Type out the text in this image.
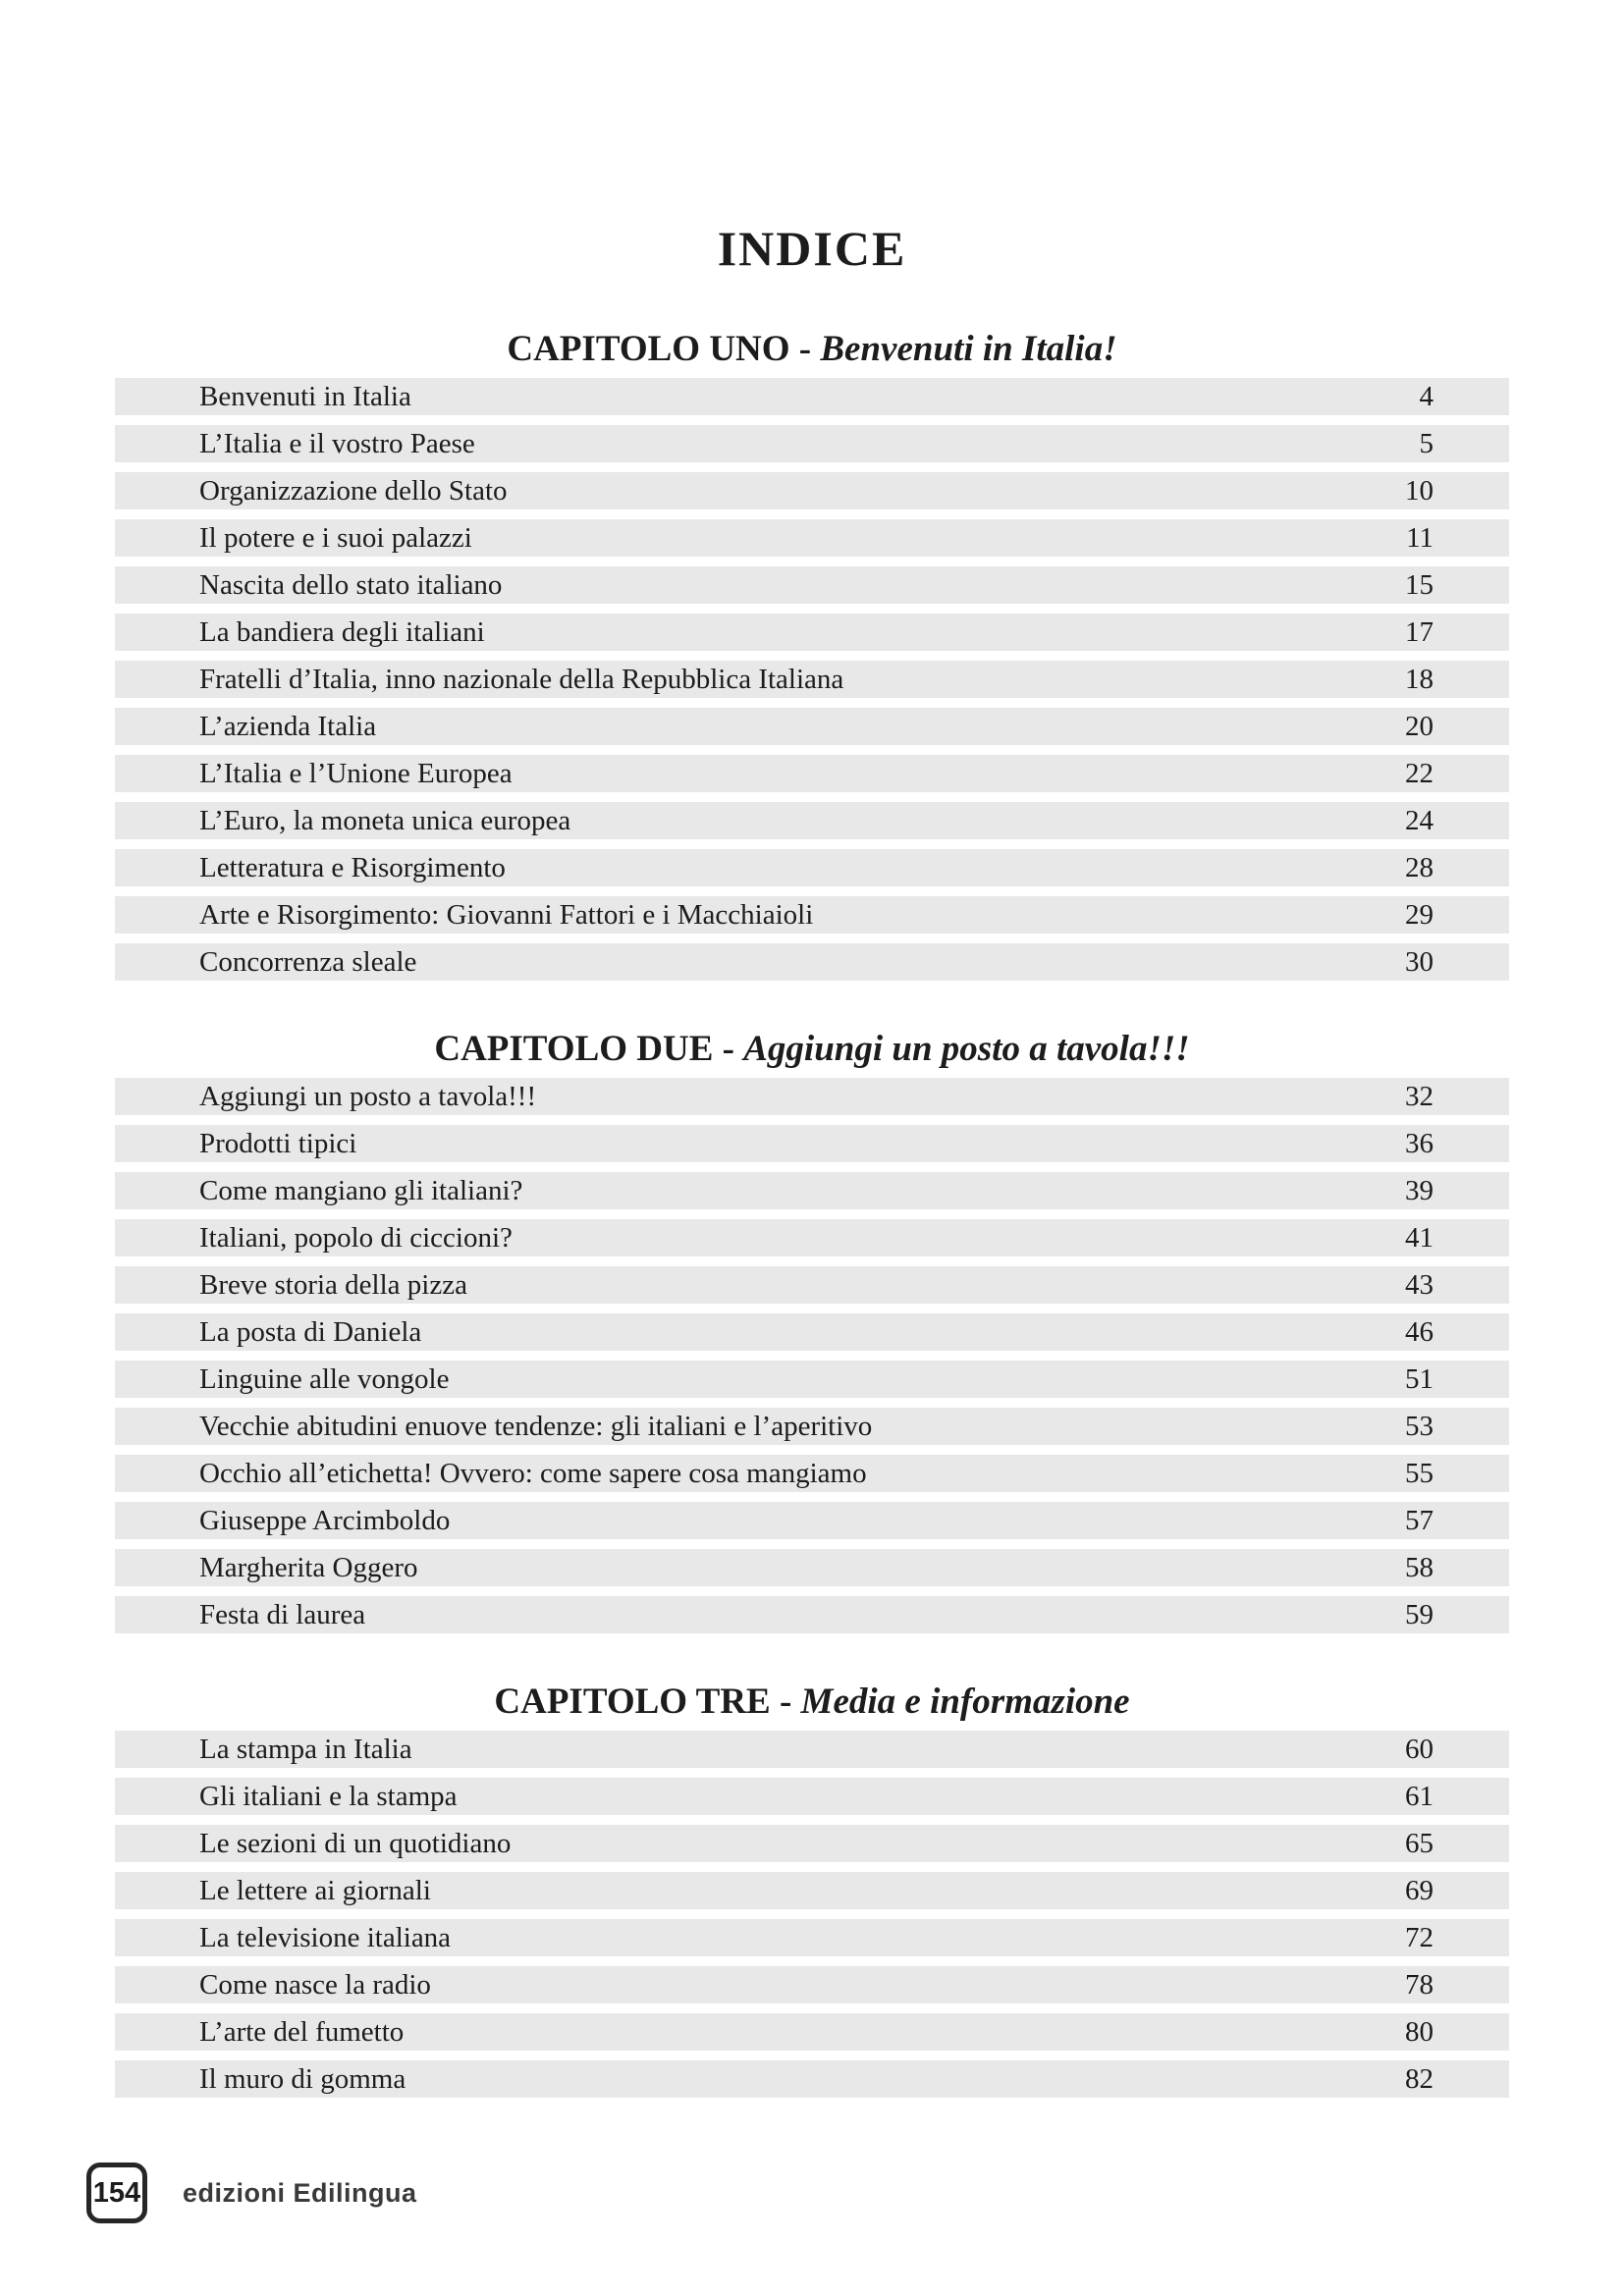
INDICE
CAPITOLO UNO - Benvenuti in Italia!
Benvenuti in Italia	4
L’Italia e il vostro Paese	5
Organizzazione dello Stato	10
Il potere e i suoi palazzi	11
Nascita dello stato italiano	15
La bandiera degli italiani	17
Fratelli d’Italia, inno nazionale della Repubblica Italiana	18
L’azienda Italia	20
L’Italia e l’Unione Europea	22
L’Euro, la moneta unica europea	24
Letteratura e Risorgimento	28
Arte e Risorgimento: Giovanni Fattori e i Macchiaioli	29
Concorrenza sleale	30
CAPITOLO DUE - Aggiungi un posto a tavola!!!
Aggiungi un posto a tavola!!!	32
Prodotti tipici	36
Come mangiano gli italiani?	39
Italiani, popolo di ciccioni?	41
Breve storia della pizza	43
La posta di Daniela	46
Linguine alle vongole	51
Vecchie abitudini enuove tendenze: gli italiani e l’aperitivo	53
Occhio all’etichetta! Ovvero: come sapere cosa mangiamo	55
Giuseppe Arcimboldo	57
Margherita Oggero	58
Festa di laurea	59
CAPITOLO TRE - Media e informazione
La stampa in Italia	60
Gli italiani e la stampa	61
Le sezioni di un quotidiano	65
Le lettere ai giornali	69
La televisione italiana	72
Come nasce la radio	78
L’arte del fumetto	80
Il muro di gomma	82
154 edizioni Edilingua
